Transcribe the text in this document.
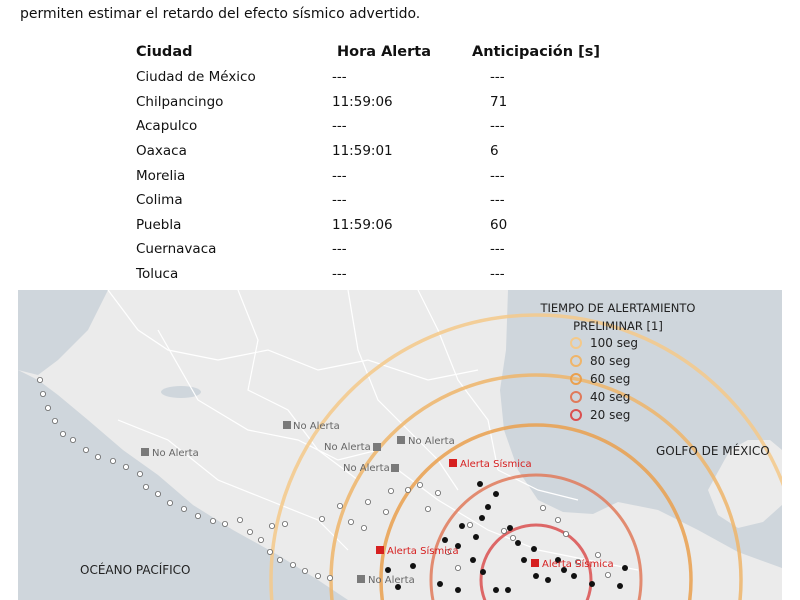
permiten estimar el retardo del efecto sísmico advertido.
Ciudad	Hora Alerta	Anticipación [s]
Ciudad de México	---	---
Chilpancingo	11:59:06	71
Acapulco	---	---
Oaxaca	11:59:01	6
Morelia	---	---
Colima	---	---
Puebla	11:59:06	60
Cuernavaca	---	---
Toluca	---	---
No Alerta
No Alerta
No Alerta
No Alerta
No Alerta
No Alerta
Alerta Sísmica
Alerta Sísmica
Alerta Sísmica
GOLFO DE MÉXICO
OCÉANO PACÍFICO
TIEMPO DE ALERTAMIENTO
PRELIMINAR [1]
100 seg
80 seg
60 seg
40 seg
20 seg
